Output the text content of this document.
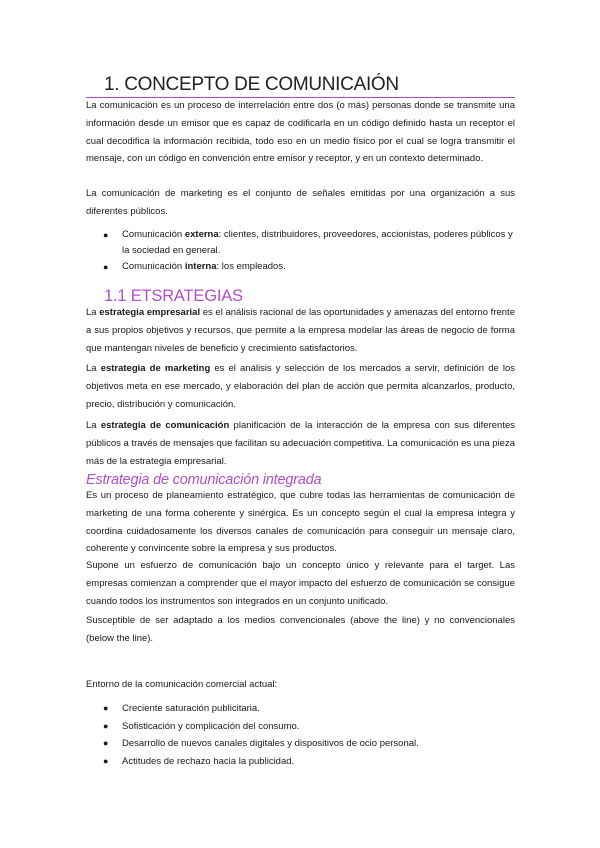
1. CONCEPTO DE COMUNICAIÓN

La comunicación es un proceso de interrelación entre dos (o más) personas donde se transmite una información desde un emisor que es capaz de codificarla en un código definido hasta un receptor el cual decodifica la información recibida, todo eso en un medio físico por el cual se logra transmitir el mensaje, con un código en convención entre emisor y receptor, y en un contexto determinado.

La comunicación de marketing es el conjunto de señales emitidas por una organización a sus diferentes públicos.

● Comunicación externa: clientes, distribuidores, proveedores, accionistas, poderes públicos y la sociedad en general.
● Comunicación interna: los empleados.
1.1 ETSRATEGIAS

La estrategia empresarial es el análisis racional de las oportunidades y amenazas del entorno frente a sus propios objetivos y recursos, que permite a la empresa modelar las áreas de negocio de forma que mantengan niveles de beneficio y crecimiento satisfactorios.

La estrategia de marketing es el análisis y selección de los mercados a servir, definición de los objetivos meta en ese mercado, y elaboración del plan de acción que permita alcanzarlos, producto, precio, distribución y comunicación.

La estrategia de comunicación planificación de la interacción de la empresa con sus diferentes públicos a través de mensajes que facilitan su adecuación competitiva. La comunicación es una pieza más de la estrategia empresarial.

Estrategia de comunicación integrada

Es un proceso de planeamiento estratégico, que cubre todas las herramientas de comunicación de marketing de una forma coherente y sinérgica. Es un concepto según el cual la empresa integra y coordina cuidadosamente los diversos canales de comunicación para conseguir un mensaje claro, coherente y convincente sobre la empresa y sus productos.

Supone un esfuerzo de comunicación bajo un concepto único y relevante para el target. Las empresas comienzan a comprender que el mayor impacto del esfuerzo de comunicación se consigue cuando todos los instrumentos son integrados en un conjunto unificado.

Susceptible de ser adaptado a los medios convencionales (above the line) y no convencionales (below the line).

Entorno de la comunicación comercial actual:

● Creciente saturación publicitaria.
● Sofisticación y complicación del consumo.
● Desarrollo de nuevos canales digitales y dispositivos de ocio personal.
● Actitudes de rechazo hacia la publicidad.
